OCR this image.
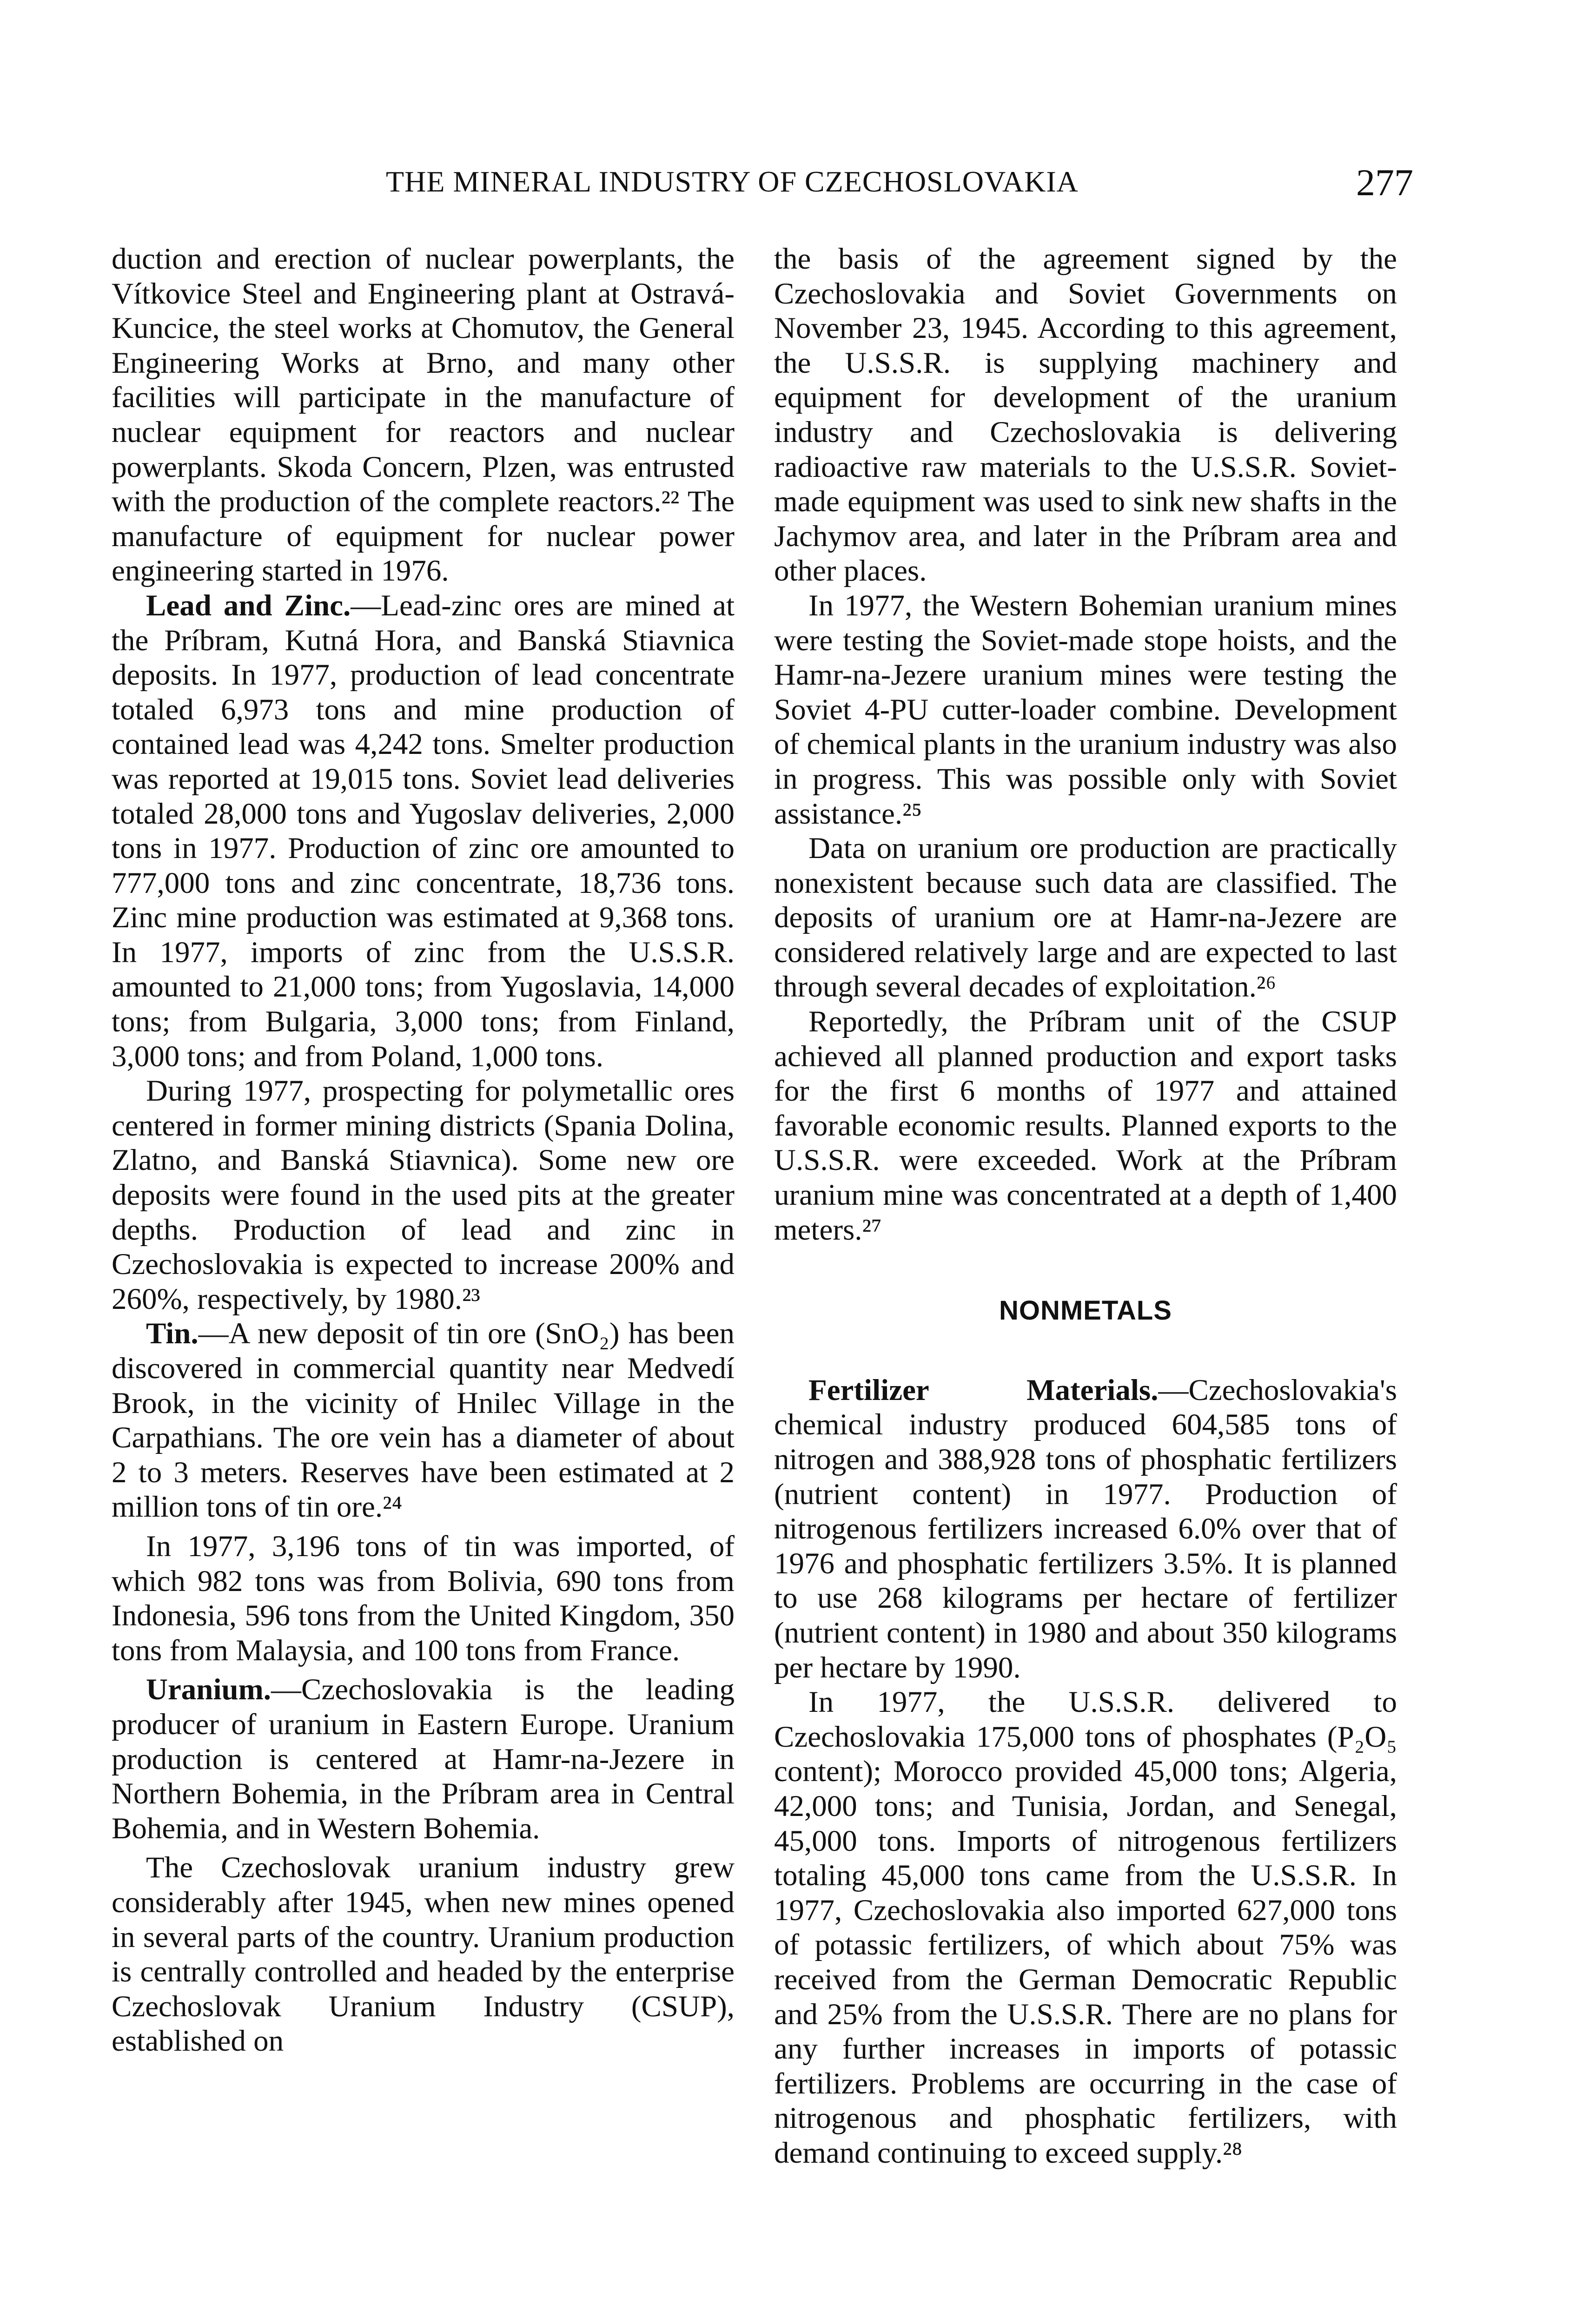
THE MINERAL INDUSTRY OF CZECHOSLOVAKIA	277

duction and erection of nuclear powerplants, the Vítkovice Steel and Engineering plant at Ostravá-Kuncice, the steel works at Chomutov, the General Engineering Works at Brno, and many other facilities will participate in the manufacture of nuclear equipment for reactors and nuclear powerplants. Skoda Concern, Plzen, was entrusted with the production of the complete reactors.²² The manufacture of equipment for nuclear power engineering started in 1976.

Lead and Zinc.—Lead-zinc ores are mined at the Príbram, Kutná Hora, and Banská Stiavnica deposits. In 1977, production of lead concentrate totaled 6,973 tons and mine production of contained lead was 4,242 tons. Smelter production was reported at 19,015 tons. Soviet lead deliveries totaled 28,000 tons and Yugoslav deliveries, 2,000 tons in 1977. Production of zinc ore amounted to 777,000 tons and zinc concentrate, 18,736 tons. Zinc mine production was estimated at 9,368 tons. In 1977, imports of zinc from the U.S.S.R. amounted to 21,000 tons; from Yugoslavia, 14,000 tons; from Bulgaria, 3,000 tons; from Finland, 3,000 tons; and from Poland, 1,000 tons.

During 1977, prospecting for polymetallic ores centered in former mining districts (Spania Dolina, Zlatno, and Banská Stiavnica). Some new ore deposits were found in the used pits at the greater depths. Production of lead and zinc in Czechoslovakia is expected to increase 200% and 260%, respectively, by 1980.²³

Tin.—A new deposit of tin ore (SnO₂) has been discovered in commercial quantity near Medvedí Brook, in the vicinity of Hnilec Village in the Carpathians. The ore vein has a diameter of about 2 to 3 meters. Reserves have been estimated at 2 million tons of tin ore.²⁴

In 1977, 3,196 tons of tin was imported, of which 982 tons was from Bolivia, 690 tons from Indonesia, 596 tons from the United Kingdom, 350 tons from Malaysia, and 100 tons from France.

Uranium.—Czechoslovakia is the leading producer of uranium in Eastern Europe. Uranium production is centered at Hamr-na-Jezere in Northern Bohemia, in the Príbram area in Central Bohemia, and in Western Bohemia.

The Czechoslovak uranium industry grew considerably after 1945, when new mines opened in several parts of the country. Uranium production is centrally controlled and headed by the enterprise Czechoslovak Uranium Industry (CSUP), established on

the basis of the agreement signed by the Czechoslovakia and Soviet Governments on November 23, 1945. According to this agreement, the U.S.S.R. is supplying machinery and equipment for development of the uranium industry and Czechoslovakia is delivering radioactive raw materials to the U.S.S.R. Soviet-made equipment was used to sink new shafts in the Jachymov area, and later in the Príbram area and other places.

In 1977, the Western Bohemian uranium mines were testing the Soviet-made stope hoists, and the Hamr-na-Jezere uranium mines were testing the Soviet 4-PU cutter-loader combine. Development of chemical plants in the uranium industry was also in progress. This was possible only with Soviet assistance.²⁵

Data on uranium ore production are practically nonexistent because such data are classified. The deposits of uranium ore at Hamr-na-Jezere are considered relatively large and are expected to last through several decades of exploitation.²⁶

Reportedly, the Príbram unit of the CSUP achieved all planned production and export tasks for the first 6 months of 1977 and attained favorable economic results. Planned exports to the U.S.S.R. were exceeded. Work at the Príbram uranium mine was concentrated at a depth of 1,400 meters.²⁷

NONMETALS

Fertilizer Materials.—Czechoslovakia's chemical industry produced 604,585 tons of nitrogen and 388,928 tons of phosphatic fertilizers (nutrient content) in 1977. Production of nitrogenous fertilizers increased 6.0% over that of 1976 and phosphatic fertilizers 3.5%. It is planned to use 268 kilograms per hectare of fertilizer (nutrient content) in 1980 and about 350 kilograms per hectare by 1990.

In 1977, the U.S.S.R. delivered to Czechoslovakia 175,000 tons of phosphates (P₂O₅ content); Morocco provided 45,000 tons; Algeria, 42,000 tons; and Tunisia, Jordan, and Senegal, 45,000 tons. Imports of nitrogenous fertilizers totaling 45,000 tons came from the U.S.S.R. In 1977, Czechoslovakia also imported 627,000 tons of potassic fertilizers, of which about 75% was received from the German Democratic Republic and 25% from the U.S.S.R. There are no plans for any further increases in imports of potassic fertilizers. Problems are occurring in the case of nitrogenous and phosphatic fertilizers, with demand continuing to exceed supply.²⁸
